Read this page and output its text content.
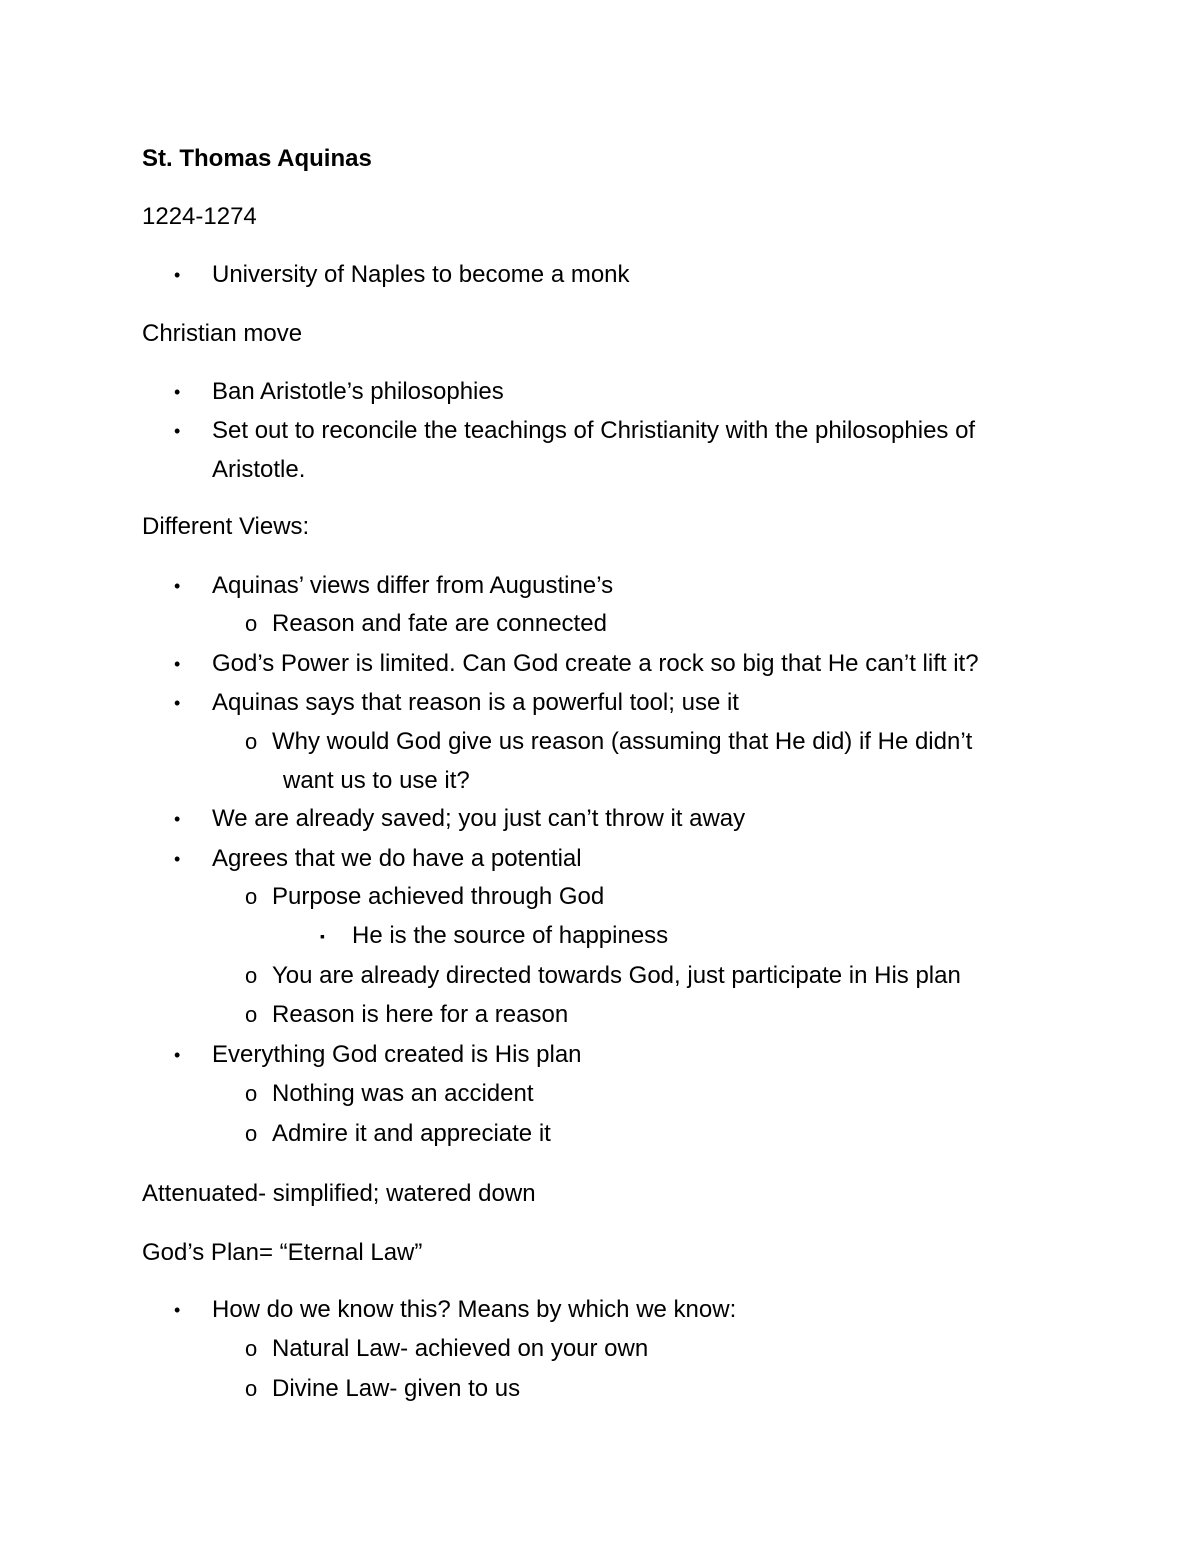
St. Thomas Aquinas
1224-1274
• University of Naples to become a monk
Christian move
• Ban Aristotle’s philosophies
• Set out to reconcile the teachings of Christianity with the philosophies of
Aristotle.
Different Views:
• Aquinas’ views differ from Augustine’s
o Reason and fate are connected
• God’s Power is limited. Can God create a rock so big that He can’t lift it?
• Aquinas says that reason is a powerful tool; use it
o Why would God give us reason (assuming that He did) if He didn’t
want us to use it?
• We are already saved; you just can’t throw it away
• Agrees that we do have a potential
o Purpose achieved through God
▪ He is the source of happiness
o You are already directed towards God, just participate in His plan
o Reason is here for a reason
• Everything God created is His plan
o Nothing was an accident
o Admire it and appreciate it
Attenuated- simplified; watered down
God’s Plan= “Eternal Law”
• How do we know this? Means by which we know:
o Natural Law- achieved on your own
o Divine Law- given to us
